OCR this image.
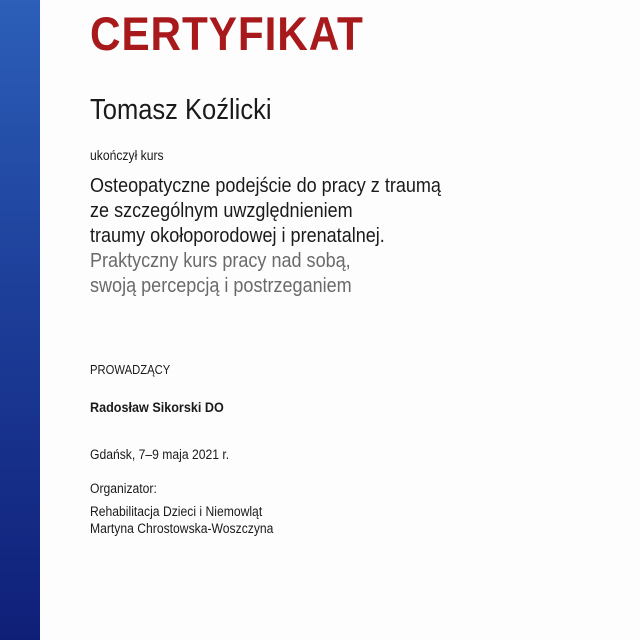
CERTYFIKAT
Tomasz Koźlicki
ukończył kurs
Osteopatyczne podejście do pracy z traumą
ze szczególnym uwzględnieniem
traumy okołoporodowej i prenatalnej.
Praktyczny kurs pracy nad sobą,
swoją percepcją i postrzeganiem
PROWADZĄCY
Radosław Sikorski DO
Gdańsk, 7–9 maja 2021 r.
Organizator:
Rehabilitacja Dzieci i Niemowląt
Martyna Chrostowska-Woszczyna
